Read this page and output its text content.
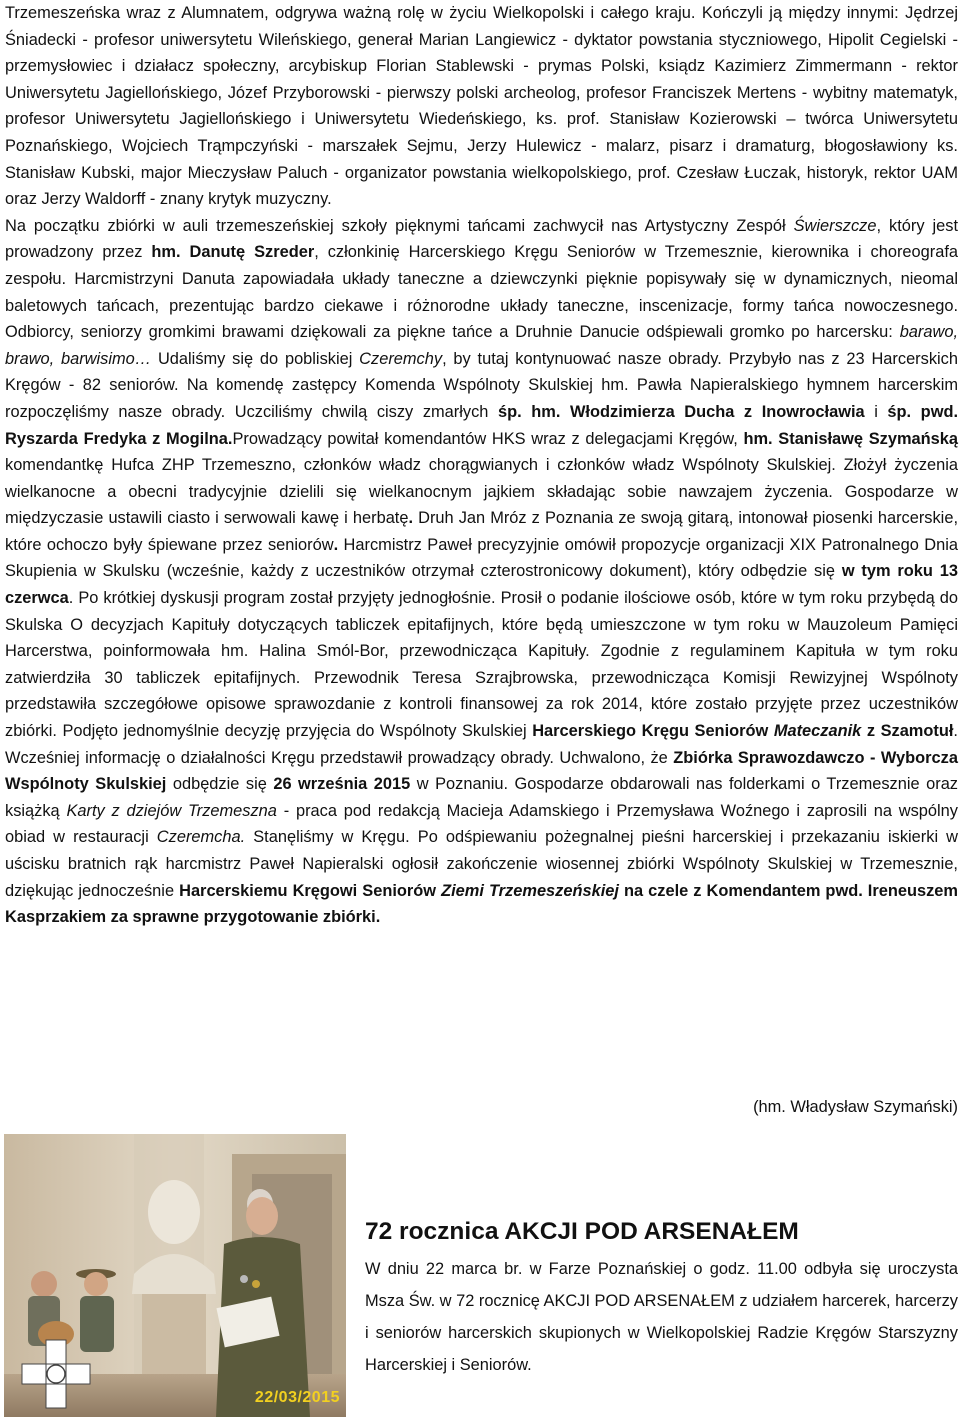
Trzemeszeńska wraz z Alumnatem, odgrywa ważną rolę w życiu Wielkopolski i całego kraju. Kończyli ją między innymi: Jędrzej Śniadecki - profesor uniwersytetu Wileńskiego, generał Marian Langiewicz - dyktator powstania styczniowego, Hipolit Cegielski - przemysłowiec i działacz społeczny, arcybiskup Florian Stablewski - prymas Polski, ksiądz Kazimierz Zimmermann - rektor Uniwersytetu Jagiellońskiego, Józef Przyborowski - pierwszy polski archeolog, profesor Franciszek Mertens - wybitny matematyk, profesor Uniwersytetu Jagiellońskiego i Uniwersytetu Wiedeńskiego, ks. prof. Stanisław Kozierowski – twórca Uniwersytetu Poznańskiego, Wojciech Trąmpczyński - marszałek Sejmu, Jerzy Hulewicz - malarz, pisarz i dramaturg, błogosławiony ks. Stanisław Kubski, major Mieczysław Paluch - organizator powstania wielkopolskiego, prof. Czesław Łuczak, historyk, rektor UAM oraz Jerzy Waldorff - znany krytyk muzyczny.

Na początku zbiórki w auli trzemeszeńskiej szkoły pięknymi tańcami zachwycił nas Artystyczny Zespół Świerszcze, który jest prowadzony przez hm. Danutę Szreder, członkinię Harcerskiego Kręgu Seniorów w Trzemesznie, kierownika i choreografa zespołu. Harcmistrzyni Danuta zapowiadała układy taneczne a dziewczynki pięknie popisywały się w dynamicznych, nieomal baletowych tańcach, prezentując bardzo ciekawe i różnorodne układy taneczne, inscenizacje, formy tańca nowoczesnego. Odbiorcy, seniorzy gromkimi brawami dziękowali za piękne tańce a Druhnie Danucie odśpiewali gromko po harcersku: barawo, brawo, barwisimo… Udaliśmy się do pobliskiej Czeremchy, by tutaj kontynuować nasze obrady. Przybyło nas z 23 Harcerskich Kręgów - 82 seniorów. Na komendę zastępcy Komenda Wspólnoty Skulskiej hm. Pawła Napieralskiego hymnem harcerskim rozpoczęliśmy nasze obrady. Uczciliśmy chwilą ciszy zmarłych śp. hm. Włodzimierza Ducha z Inowrocławia i śp. pwd. Ryszarda Fredyka z Mogilna.Prowadzący powitał komendantów HKS wraz z delegacjami Kręgów, hm. Stanisławę Szymańską komendantkę Hufca ZHP Trzemeszno, członków władz chorągwianych i członków władz Wspólnoty Skulskiej. Złożył życzenia wielkanocne a obecni tradycyjnie dzielili się wielkanocnym jajkiem składając sobie nawzajem życzenia. Gospodarze w międzyczasie ustawili ciasto i serwowali kawę i herbatę. Druh Jan Mróz z Poznania ze swoją gitarą, intonował piosenki harcerskie, które ochoczo były śpiewane przez seniorów. Harcmistrz Paweł precyzyjnie omówił propozycje organizacji XIX Patronalnego Dnia Skupienia w Skulsku (wcześnie, każdy z uczestników otrzymał czterostronicowy dokument), który odbędzie się w tym roku 13 czerwca. Po krótkiej dyskusji program został przyjęty jednogłośnie. Prosił o podanie ilościowe osób, które w tym roku przybędą do Skulska O decyzjach Kapituły dotyczących tabliczek epitafijnych, które będą umieszczone w tym roku w Mauzoleum Pamięci Harcerstwa, poinformowała hm. Halina Smól-Bor, przewodnicząca Kapituły. Zgodnie z regulaminem Kapituła w tym roku zatwierdziła 30 tabliczek epitafijnych. Przewodnik Teresa Szrajbrowska, przewodnicząca Komisji Rewizyjnej Wspólnoty przedstawiła szczegółowe opisowe sprawozdanie z kontroli finansowej za rok 2014, które zostało przyjęte przez uczestników zbiórki. Podjęto jednomyślnie decyzję przyjęcia do Wspólnoty Skulskiej Harcerskiego Kręgu Seniorów Mateczanik z Szamotuł. Wcześniej informację o działalności Kręgu przedstawił prowadzący obrady. Uchwalono, że Zbiórka Sprawozdawczo - Wyborcza Wspólnoty Skulskiej odbędzie się 26 września 2015 w Poznaniu. Gospodarze obdarowali nas folderkami o Trzemesznie oraz książką Karty z dziejów Trzemeszna - praca pod redakcją Macieja Adamskiego i Przemysława Woźnego i zaprosili na wspólny obiad w restauracji Czeremcha. Stanęliśmy w Kręgu. Po odśpiewaniu pożegnalnej pieśni harcerskiej i przekazaniu iskierki w uścisku bratnich rąk harcmistrz Paweł Napieralski ogłosił zakończenie wiosennej zbiórki Wspólnoty Skulskiej w Trzemesznie, dziękując jednocześnie Harcerskiemu Kręgowi Seniorów Ziemi Trzemeszeńskiej na czele z Komendantem pwd. Ireneuszem Kasprzakiem za sprawne przygotowanie zbiórki.

(hm. Władysław Szymański)
22/03/2015
72 rocznica AKCJI POD ARSENAŁEM

W dniu 22 marca br. w Farze Poznańskiej o godz. 11.00 odbyła się uroczysta Msza Św. w 72 rocznicę AKCJI POD ARSENAŁEM z udziałem harcerek, harcerzy i seniorów harcerskich skupionych w Wielkopolskiej Radzie Kręgów Starszyzny Harcerskiej i Seniorów.
